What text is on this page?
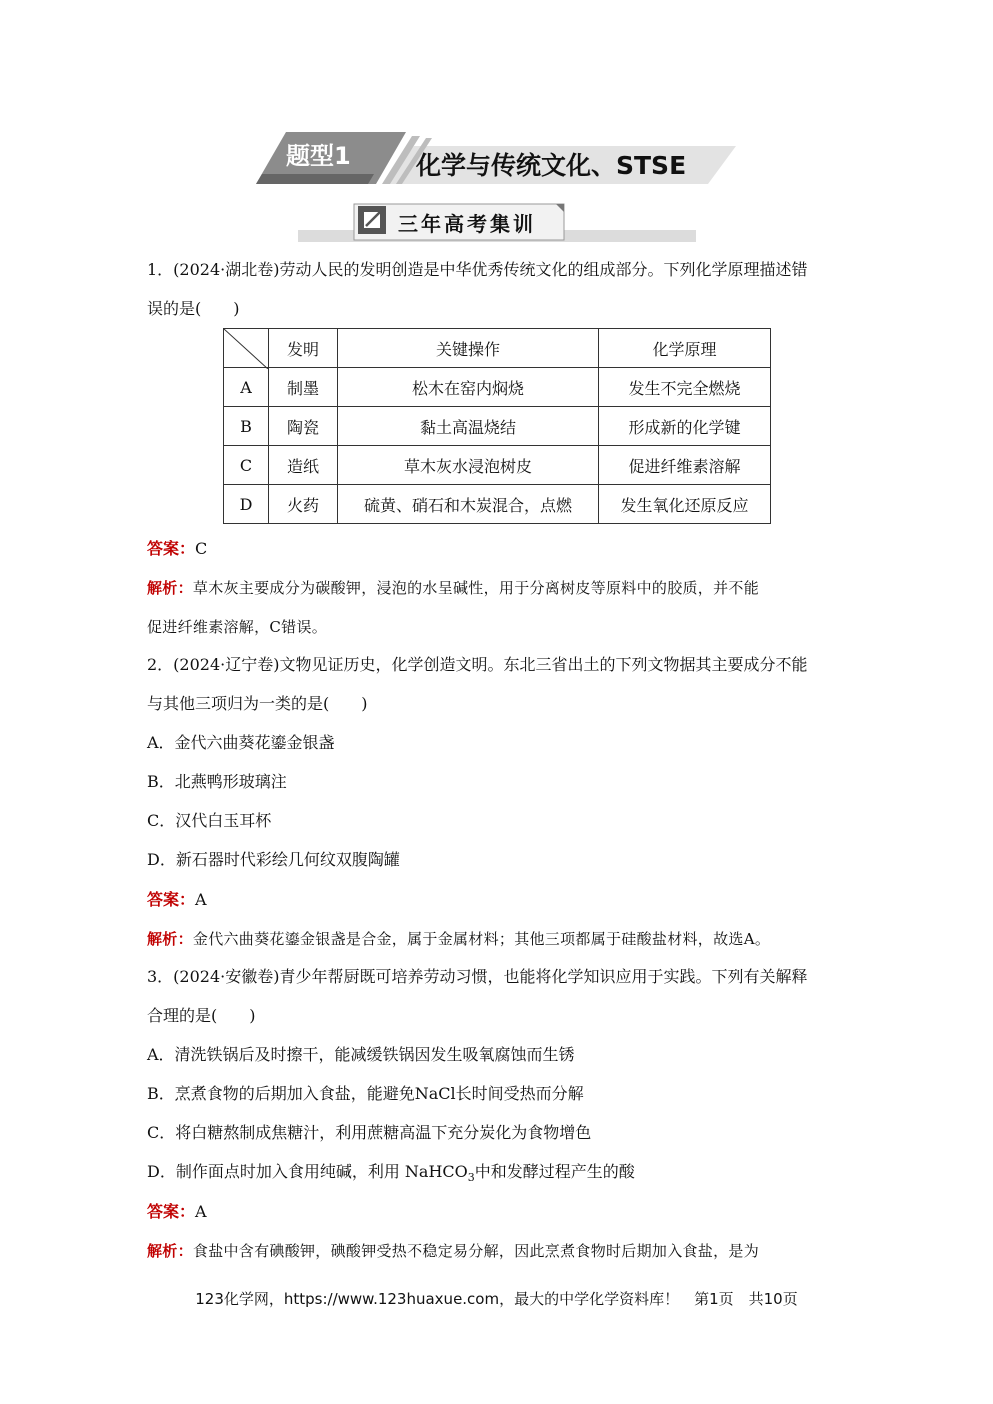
题型1	化学与传统文化、STSE
三年高考集训
1．(2024·湖北卷)劳动人民的发明创造是中华优秀传统文化的组成部分。下列化学原理描述错
误的是(　　)
	发明	关键操作	化学原理
A	制墨	松木在窑内焖烧	发生不完全燃烧
B	陶瓷	黏土高温烧结	形成新的化学键
C	造纸	草木灰水浸泡树皮	促进纤维素溶解
D	火药	硫黄、硝石和木炭混合，点燃	发生氧化还原反应
答案：C
解析：草木灰主要成分为碳酸钾，浸泡的水呈碱性，用于分离树皮等原料中的胶质，并不能
促进纤维素溶解，C错误。
2．(2024·辽宁卷)文物见证历史，化学创造文明。东北三省出土的下列文物据其主要成分不能
与其他三项归为一类的是(　　)
A．金代六曲葵花鎏金银盏
B．北燕鸭形玻璃注
C．汉代白玉耳杯
D．新石器时代彩绘几何纹双腹陶罐
答案：A
解析：金代六曲葵花鎏金银盏是合金，属于金属材料；其他三项都属于硅酸盐材料，故选A。
3．(2024·安徽卷)青少年帮厨既可培养劳动习惯，也能将化学知识应用于实践。下列有关解释
合理的是(　　)
A．清洗铁锅后及时擦干，能减缓铁锅因发生吸氧腐蚀而生锈
B．烹煮食物的后期加入食盐，能避免NaCl长时间受热而分解
C．将白糖熬制成焦糖汁，利用蔗糖高温下充分炭化为食物增色
D．制作面点时加入食用纯碱，利用 NaHCO$_3$中和发酵过程产生的酸
答案：A
解析：食盐中含有碘酸钾，碘酸钾受热不稳定易分解，因此烹煮食物时后期加入食盐，是为
123化学网，https://www.123huaxue.com，最大的中学化学资料库！　第1页　共10页
